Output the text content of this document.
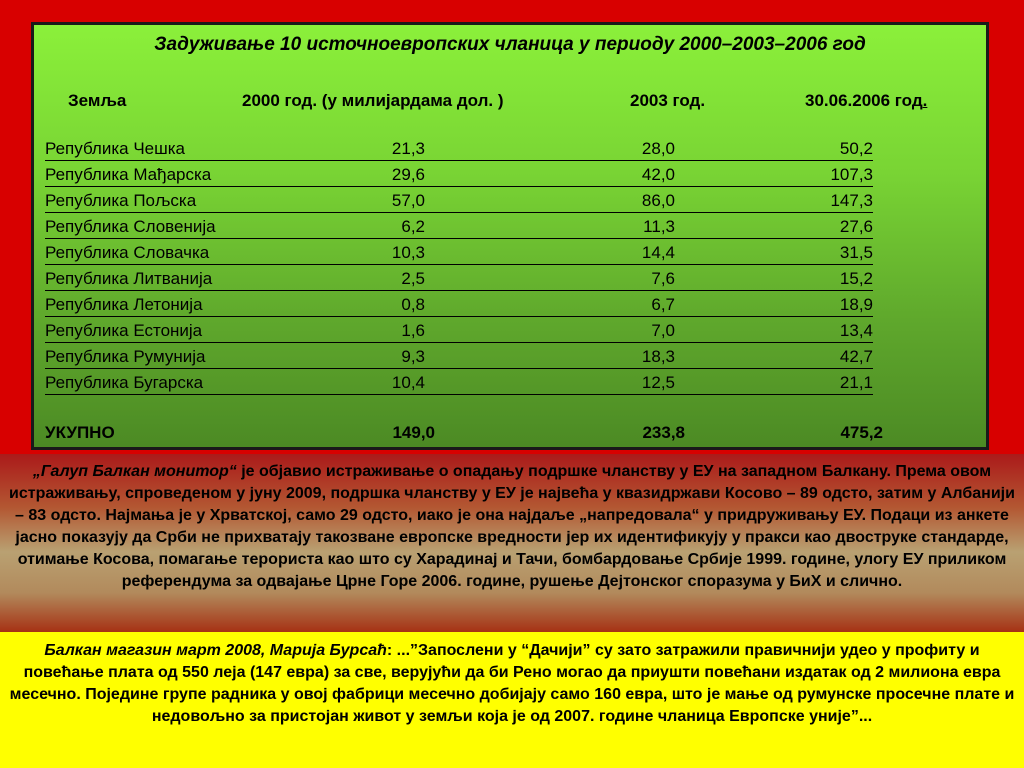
Задуживање 10 источноевропских чланица у периоду 2000–2003–2006 год
Земља	2000 год. (у милијардама дол. )	2003 год.	30.06.2006 год.
Република Чешка	21,3	28,0	50,2
Република Мађарска	29,6	42,0	107,3
Република Пољска	57,0	86,0	147,3
Република Словенија	6,2	11,3	27,6
Република Словачка	10,3	14,4	31,5
Република Литванија	2,5	7,6	15,2
Република Летонија	0,8	6,7	18,9
Република Естонија	1,6	7,0	13,4
Република Румунија	9,3	18,3	42,7
Република Бугарска	10,4	12,5	21,1
УКУПНО	149,0	233,8	475,2
„Галуп Балкан монитор“ је објавио истраживање о опадању подршке чланству у ЕУ на западном Балкану. Према овом истраживању, спроведеном у јуну 2009, подршка чланству у ЕУ је највећа у квазидржави Косово – 89 одсто, затим у Албанији – 83 одсто. Најмања је у Хрватској, само 29 одсто, иако је она најдаље „напредовала“ у придруживању ЕУ. Подаци из анкете јасно показују да Срби не прихватају такозване европске вредности јер их идентификују у пракси као двоструке стандарде, отимање Косова, помагање терориста као што су Харадинај и Тачи, бомбардовање Србије 1999. године, улогу ЕУ приликом референдума за одвајање Црне Горе 2006. године, рушење Дејтонског споразума у БиХ и слично.
Балкан магазин март 2008, Марија Бурсаћ: ...”Запослени у “Дачији” су зато затражили правичнији удео у профиту и повећање плата од 550 леја (147 евра) за све, верујући да би Рено могао да приушти повећани издатак од 2 милиона евра месечно. Поједине групе радника у овој фабрици месечно добијају само 160 евра, што је мање од румунске просечне плате и недовољно за пристојан живот у земљи која је од 2007. године чланица Европске уније”...
